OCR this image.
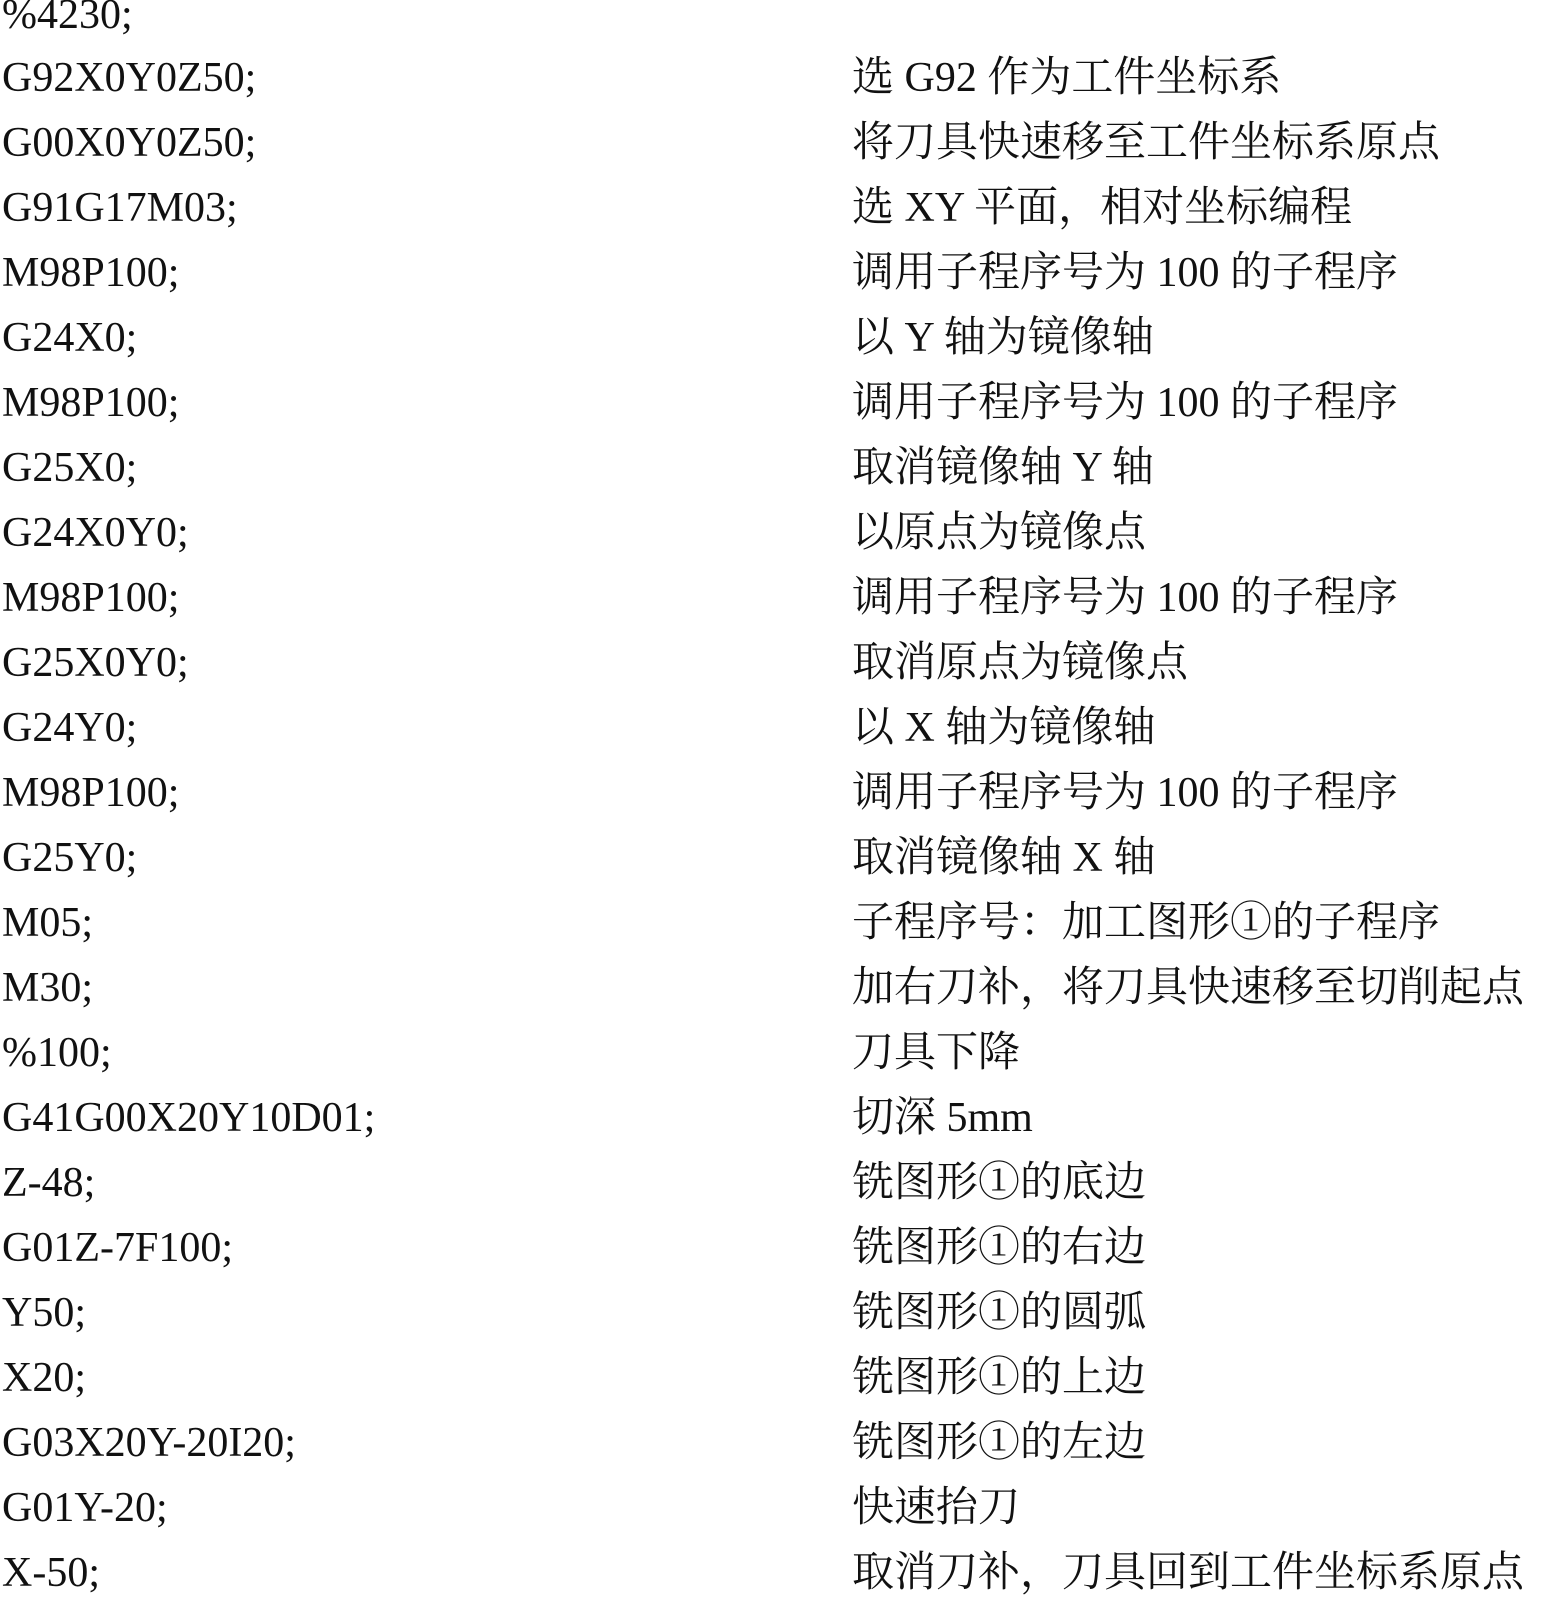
%4230;
G92X0Y0Z50;	选 G92 作为工件坐标系
G00X0Y0Z50;	将刀具快速移至工件坐标系原点
G91G17M03;	选 XY 平面，相对坐标编程
M98P100;	调用子程序号为 100 的子程序
G24X0;	以 Y 轴为镜像轴
M98P100;	调用子程序号为 100 的子程序
G25X0;	取消镜像轴 Y 轴
G24X0Y0;	以原点为镜像点
M98P100;	调用子程序号为 100 的子程序
G25X0Y0;	取消原点为镜像点
G24Y0;	以 X 轴为镜像轴
M98P100;	调用子程序号为 100 的子程序
G25Y0;	取消镜像轴 X 轴
M05;	子程序号：加工图形①的子程序
M30;	加右刀补，将刀具快速移至切削起点
%100;	刀具下降
G41G00X20Y10D01;	切深 5mm
Z-48;	铣图形①的底边
G01Z-7F100;	铣图形①的右边
Y50;	铣图形①的圆弧
X20;	铣图形①的上边
G03X20Y-20I20;	铣图形①的左边
G01Y-20;	快速抬刀
X-50;	取消刀补，刀具回到工件坐标系原点
